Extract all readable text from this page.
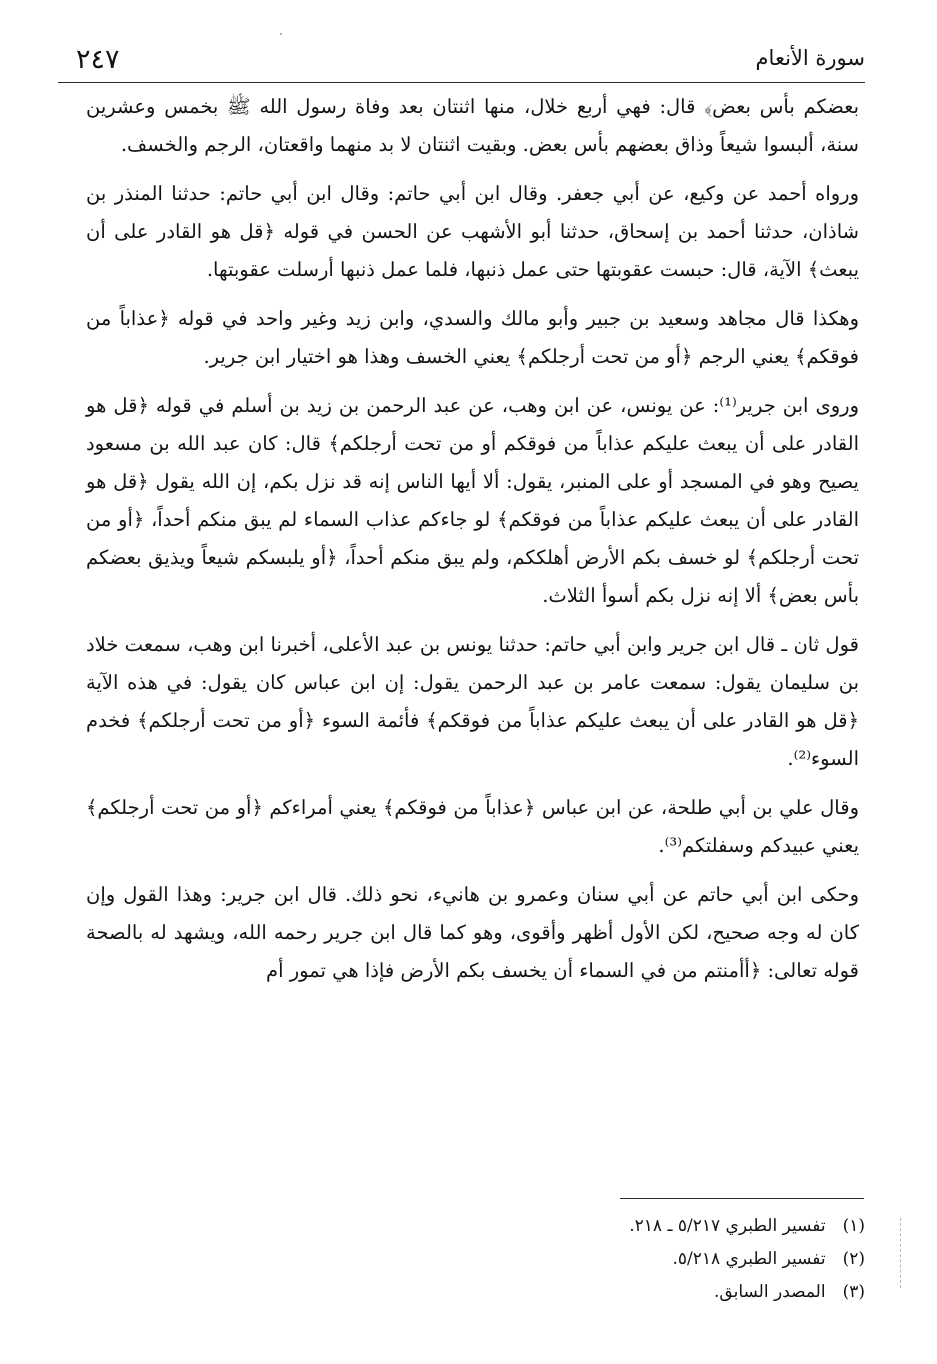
٢٤٧	سورة الأنعام

بعضكم بأس بعض﴾ قال: فهي أربع خلال، منها اثنتان بعد وفاة رسول الله ﷺ بخمس وعشرين سنة، ألبسوا شيعاً وذاق بعضهم بأس بعض. وبقيت اثنتان لا بد منهما واقعتان، الرجم والخسف.

ورواه أحمد عن وكيع، عن أبي جعفر. وقال ابن أبي حاتم: وقال ابن أبي حاتم: حدثنا المنذر بن شاذان، حدثنا أحمد بن إسحاق، حدثنا أبو الأشهب عن الحسن في قوله ﴿قل هو القادر على أن يبعث﴾ الآية، قال: حبست عقوبتها حتى عمل ذنبها، فلما عمل ذنبها أرسلت عقوبتها.

وهكذا قال مجاهد وسعيد بن جبير وأبو مالك والسدي، وابن زيد وغير واحد في قوله ﴿عذاباً من فوقكم﴾ يعني الرجم ﴿أو من تحت أرجلكم﴾ يعني الخسف وهذا هو اختيار ابن جرير.

وروى ابن جرير⁽¹⁾: عن يونس، عن ابن وهب، عن عبد الرحمن بن زيد بن أسلم في قوله ﴿قل هو القادر على أن يبعث عليكم عذاباً من فوقكم أو من تحت أرجلكم﴾ قال: كان عبد الله بن مسعود يصيح وهو في المسجد أو على المنبر، يقول: ألا أيها الناس إنه قد نزل بكم، إن الله يقول ﴿قل هو القادر على أن يبعث عليكم عذاباً من فوقكم﴾ لو جاءكم عذاب السماء لم يبق منكم أحداً، ﴿أو من تحت أرجلكم﴾ لو خسف بكم الأرض أهلككم، ولم يبق منكم أحداً، ﴿أو يلبسكم شيعاً ويذيق بعضكم بأس بعض﴾ ألا إنه نزل بكم أسوأ الثلاث.

قول ثان ـ قال ابن جرير وابن أبي حاتم: حدثنا يونس بن عبد الأعلى، أخبرنا ابن وهب، سمعت خلاد بن سليمان يقول: سمعت عامر بن عبد الرحمن يقول: إن ابن عباس كان يقول: في هذه الآية ﴿قل هو القادر على أن يبعث عليكم عذاباً من فوقكم﴾ فأئمة السوء ﴿أو من تحت أرجلكم﴾ فخدم السوء⁽²⁾.

وقال علي بن أبي طلحة، عن ابن عباس ﴿عذاباً من فوقكم﴾ يعني أمراءكم ﴿أو من تحت أرجلكم﴾ يعني عبيدكم وسفلتكم⁽³⁾.

وحكى ابن أبي حاتم عن أبي سنان وعمرو بن هانيء، نحو ذلك. قال ابن جرير: وهذا القول وإن كان له وجه صحيح، لكن الأول أظهر وأقوى، وهو كما قال ابن جرير رحمه الله، ويشهد له بالصحة قوله تعالى: ﴿أأمنتم من في السماء أن يخسف بكم الأرض فإذا هي تمور أم

(١) تفسير الطبري ٥/٢١٧ ـ ٢١٨.
(٢) تفسير الطبري ٥/٢١٨.
(٣) المصدر السابق.
